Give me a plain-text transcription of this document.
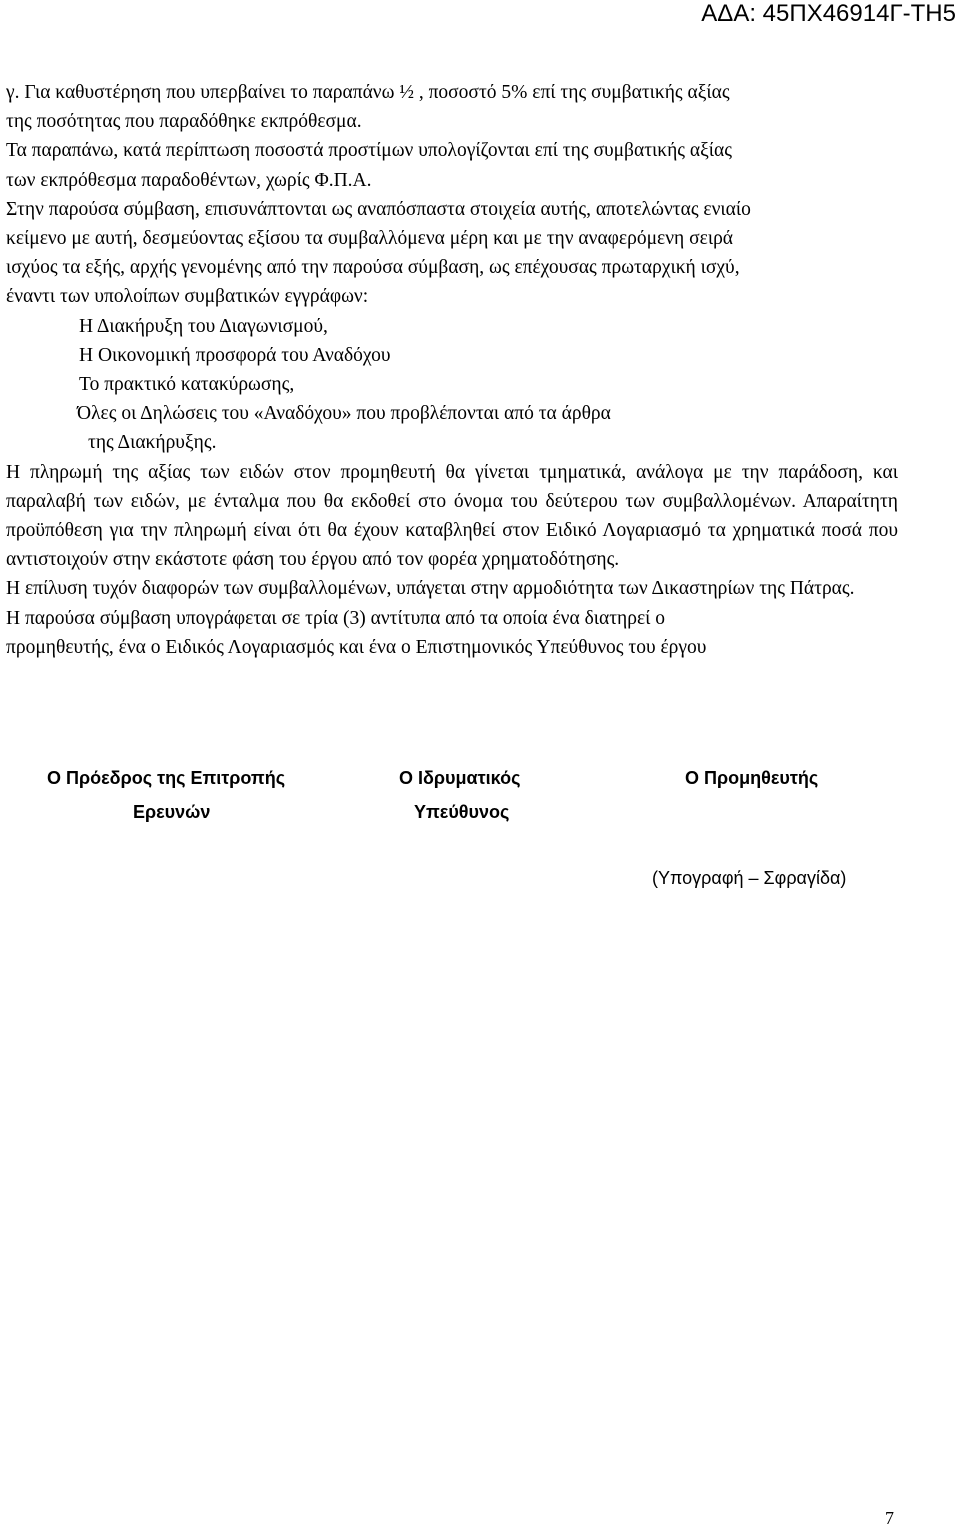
ΑΔΑ: 45ΠΧ46914Γ-ΤΗ5

γ. Για καθυστέρηση που υπερβαίνει το παραπάνω ½ , ποσοστό 5% επί της συμβατικής αξίας

της ποσότητας που παραδόθηκε εκπρόθεσμα.

Τα παραπάνω, κατά περίπτωση ποσοστά προστίμων υπολογίζονται επί της συμβατικής αξίας

των εκπρόθεσμα παραδοθέντων, χωρίς Φ.Π.Α.

Στην παρούσα σύμβαση, επισυνάπτονται ως αναπόσπαστα στοιχεία αυτής, αποτελώντας ενιαίο

κείμενο με αυτή, δεσμεύοντας εξίσου τα συμβαλλόμενα μέρη και με την αναφερόμενη σειρά

ισχύος τα εξής, αρχής γενομένης από την παρούσα σύμβαση, ως επέχουσας πρωταρχική ισχύ,

έναντι των υπολοίπων συμβατικών εγγράφων:

Η Διακήρυξη του Διαγωνισμού,

Η Οικονομική προσφορά του Αναδόχου

Το πρακτικό κατακύρωσης,

Όλες οι Δηλώσεις του «Αναδόχου» που προβλέπονται από τα άρθρα

της Διακήρυξης.

Η πληρωμή της αξίας των ειδών στον προμηθευτή θα γίνεται τμηματικά, ανάλογα με την παράδοση, και παραλαβή των ειδών, με ένταλμα που θα εκδοθεί στο όνομα του δεύτερου των συμβαλλομένων. Απαραίτητη προϋπόθεση για την πληρωμή είναι ότι θα έχουν καταβληθεί στον Ειδικό Λογαριασμό τα χρηματικά ποσά που αντιστοιχούν στην εκάστοτε φάση του έργου από τον φορέα χρηματοδότησης.

Η επίλυση τυχόν διαφορών των συμβαλλομένων, υπάγεται στην αρμοδιότητα των Δικαστηρίων της Πάτρας.

Η παρούσα σύμβαση υπογράφεται σε τρία (3) αντίτυπα από τα οποία ένα διατηρεί ο

προμηθευτής, ένα ο Ειδικός Λογαριασμός και ένα ο Επιστημονικός Υπεύθυνος του έργου

Ο Πρόεδρος της Επιτροπής
Ερευνών
Ο Ιδρυματικός
Υπεύθυνος
Ο Προμηθευτής
(Υπογραφή – Σφραγίδα)
7
